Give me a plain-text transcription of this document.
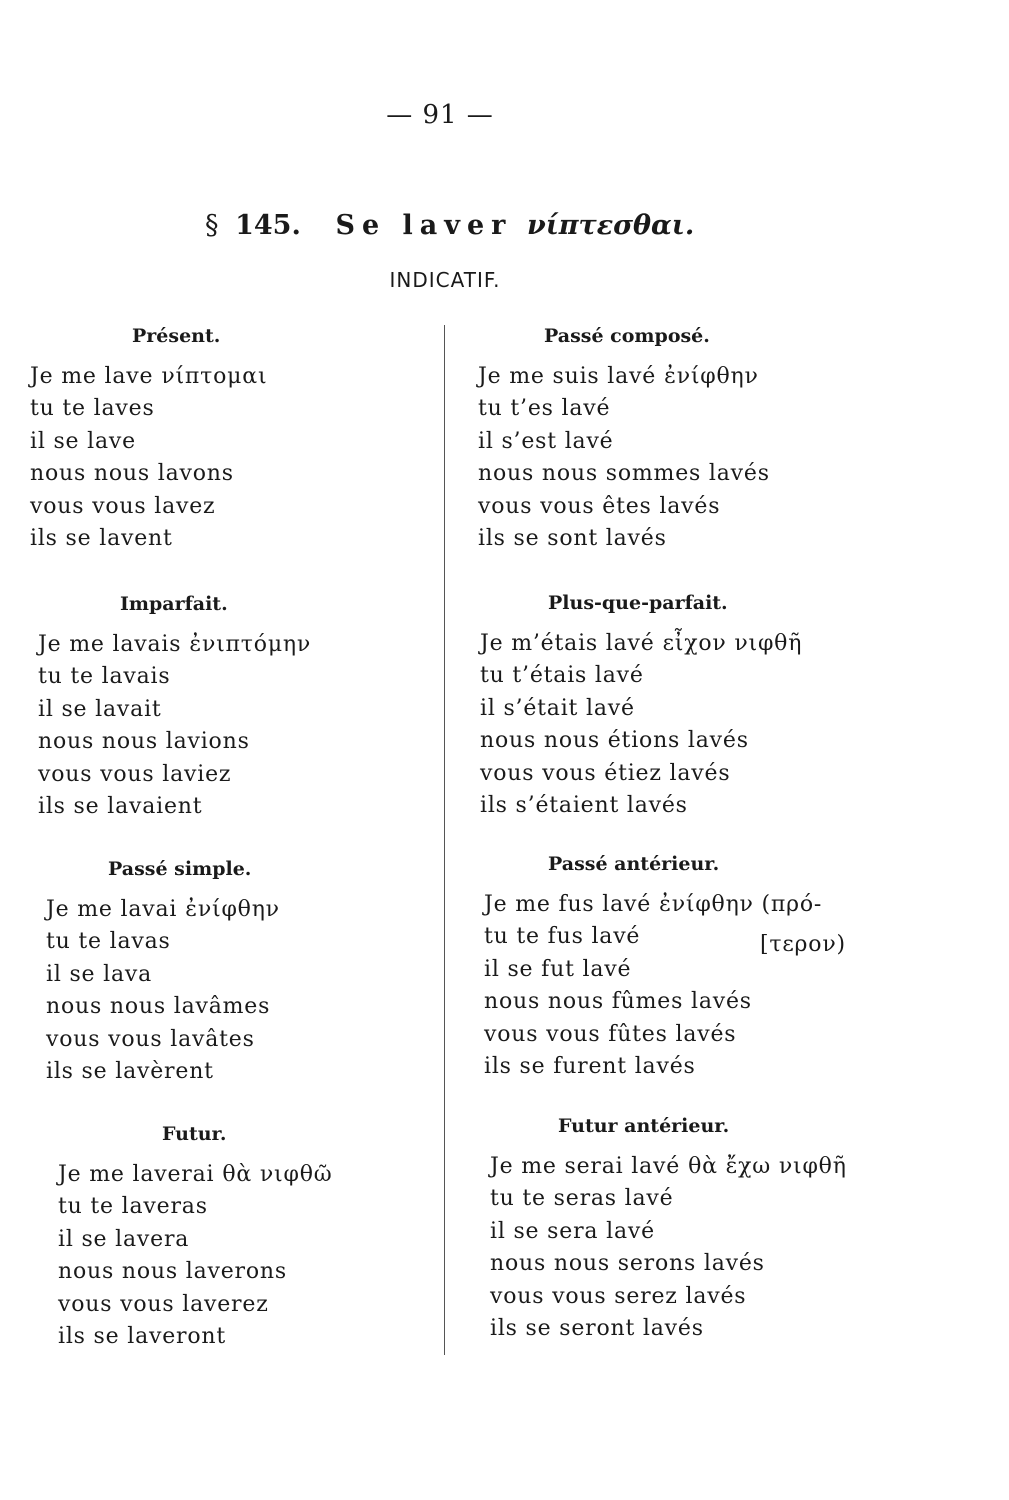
— 91 —
§ 145. Se laver νίπτεσθαι.
INDICATIF.
Présent.
Je me lave νίπτομαι
tu te laves
il se lave
nous nous lavons
vous vous lavez
ils se lavent
Imparfait.
Je me lavais ἐνιπτόμην
tu te lavais
il se lavait
nous nous lavions
vous vous laviez
ils se lavaient
Passé simple.
Je me lavai ἐνίφθην
tu te lavas
il se lava
nous nous lavâmes
vous vous lavâtes
ils se lavèrent
Futur.
Je me laverai θὰ νιφθῶ
tu te laveras
il se lavera
nous nous laverons
vous vous laverez
ils se laveront
Passé composé.
Je me suis lavé ἐνίφθην
tu t’es lavé
il s’est lavé
nous nous sommes lavés
vous vous êtes lavés
ils se sont lavés
Plus-que-parfait.
Je m’étais lavé εἶχον νιφθῆ
tu t’étais lavé
il s’était lavé
nous nous étions lavés
vous vous étiez lavés
ils s’étaient lavés
Passé antérieur.
Je me fus lavé ἐνίφθην (πρό-
tu te fus lavé
il se fut lavé
nous nous fûmes lavés
vous vous fûtes lavés
ils se furent lavés
Futur antérieur.
Je me serai lavé θὰ ἔχω νιφθῆ
tu te seras lavé
il se sera lavé
nous nous serons lavés
vous vous serez lavés
ils se seront lavés
[τερον)
